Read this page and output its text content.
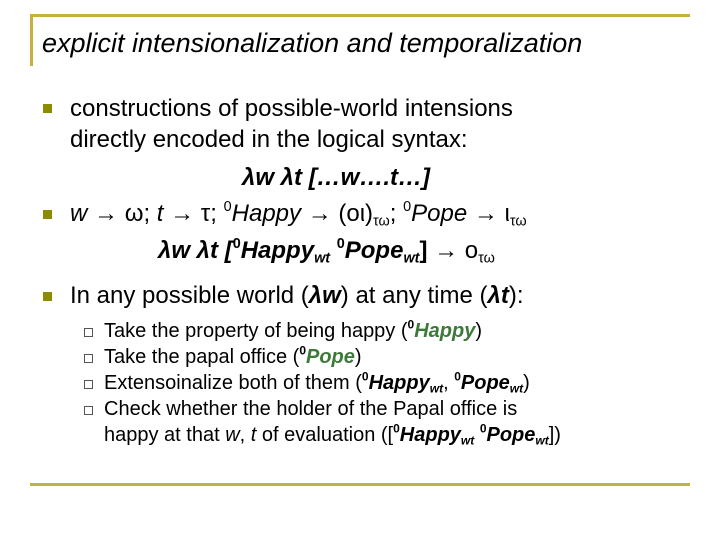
explicit intensionalization and temporalization
constructions of possible-world intensions
directly encoded in the logical syntax:
λw λt […w….t…]
w → ω; t → τ; $^0$Happy → $(o\iota)_{\tau\omega}$; $^0$Pope → $\iota_{\tau\omega}$
λw λt [$^0$Happy$_{wt}$ $^0$Pope$_{wt}$] → $o_{\tau\omega}$
In any possible world (λw) at any time (λt):
Take the property of being happy ($^0$Happy)
Take the papal office ($^0$Pope)
Extensoinalize both of them ($^0$Happy$_{wt}$, $^0$Pope$_{wt}$)
Check whether the holder of the Papal office is
happy at that w, t of evaluation ([$^0$Happy$_{wt}$ $^0$Pope$_{wt}$])
